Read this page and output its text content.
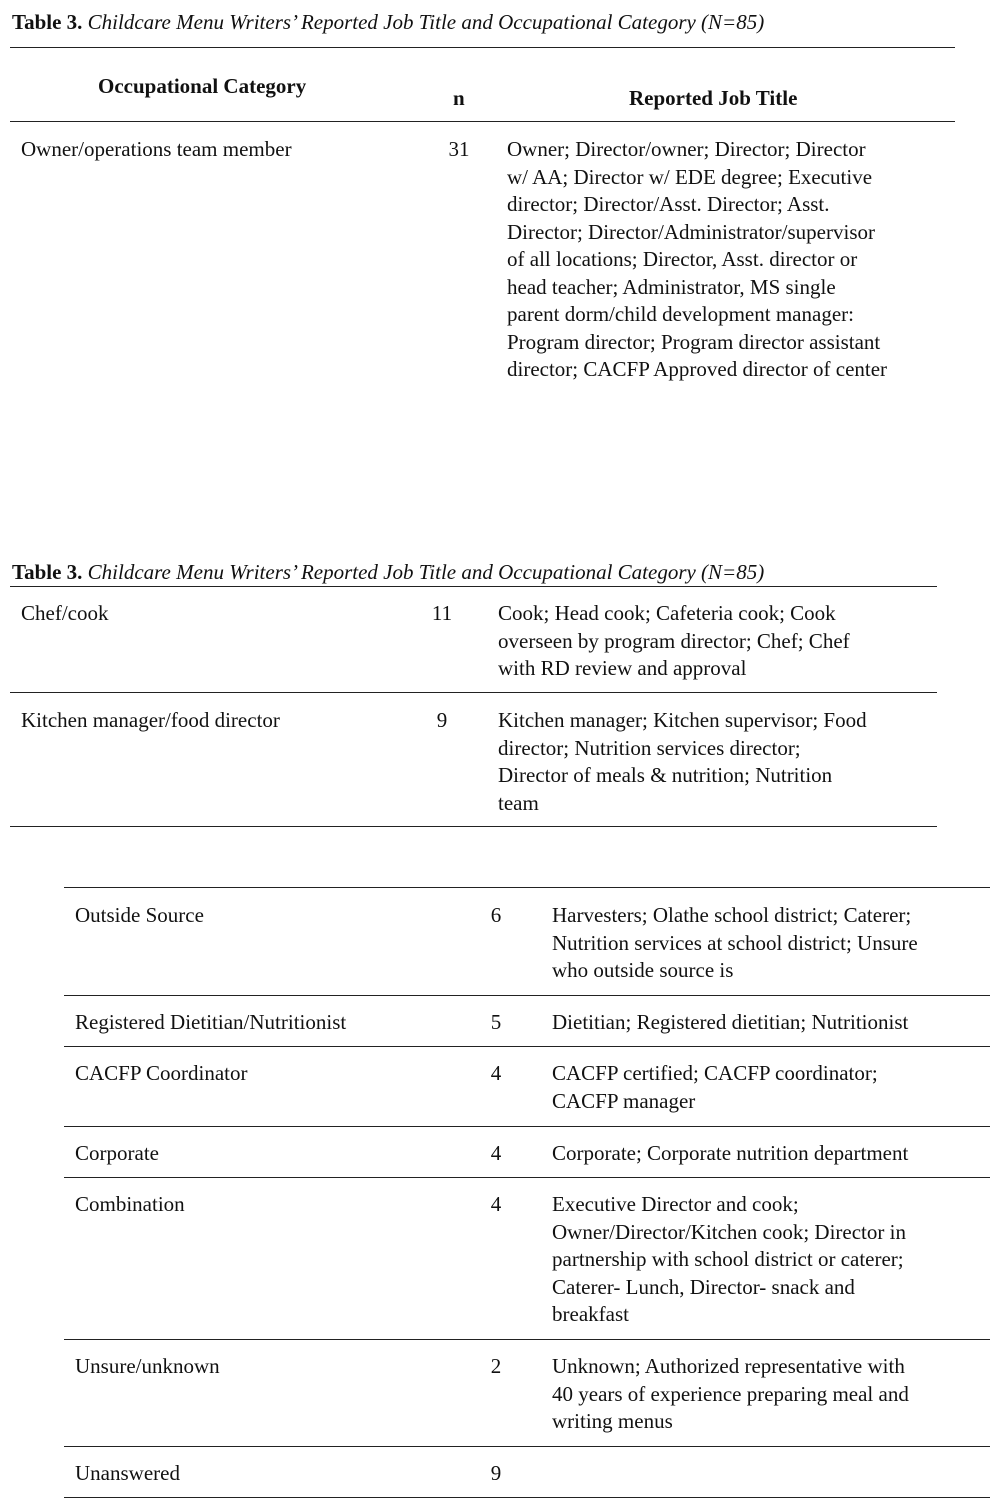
Table 3. Childcare Menu Writers’ Reported Job Title and Occupational Category (N=85)
Occupational Category	n	Reported Job Title
Owner/operations team member	31	Owner; Director/owner; Director; Director
w/ AA; Director w/ EDE degree; Executive
director; Director/Asst. Director; Asst.
Director; Director/Administrator/supervisor
of all locations; Director, Asst. director or
head teacher; Administrator, MS single
parent dorm/child development manager:
Program director; Program director assistant
director; CACFP Approved director of center
Table 3. Childcare Menu Writers’ Reported Job Title and Occupational Category (N=85)
Chef/cook	11	Cook; Head cook; Cafeteria cook; Cook
overseen by program director; Chef; Chef
with RD review and approval
Kitchen manager/food director	9	Kitchen manager; Kitchen supervisor; Food
director; Nutrition services director;
Director of meals & nutrition; Nutrition
team
Outside Source	6	Harvesters; Olathe school district; Caterer;
Nutrition services at school district; Unsure
who outside source is
Registered Dietitian/Nutritionist	5	Dietitian; Registered dietitian; Nutritionist
CACFP Coordinator	4	CACFP certified; CACFP coordinator;
CACFP manager
Corporate	4	Corporate; Corporate nutrition department
Combination	4	Executive Director and cook;
Owner/Director/Kitchen cook; Director in
partnership with school district or caterer;
Caterer- Lunch, Director- snack and
breakfast
Unsure/unknown	2	Unknown; Authorized representative with
40 years of experience preparing meal and
writing menus
Unanswered	9
